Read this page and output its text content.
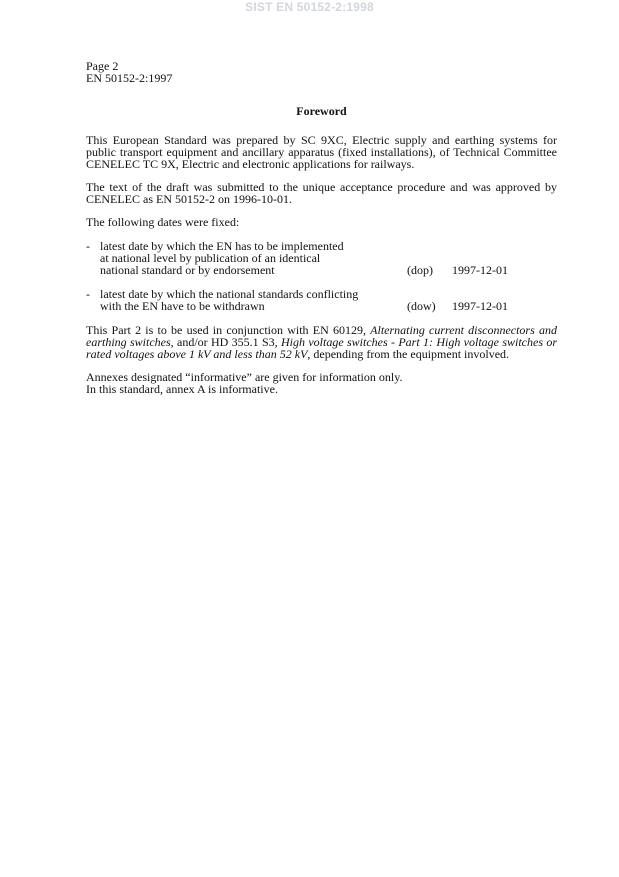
SIST EN 50152-2:1998
Page 2
EN 50152-2:1997
Foreword

This European Standard was prepared by SC 9XC, Electric supply and earthing systems for public transport equipment and ancillary apparatus (fixed installations), of Technical Committee CENELEC TC 9X, Electric and electronic applications for railways.

The text of the draft was submitted to the unique acceptance procedure and was approved by CENELEC as EN 50152-2 on 1996-10-01.

The following dates were fixed:

- latest date by which the EN has to be implemented
at national level by publication of an identical
national standard or by endorsement	(dop) 1997-12-01
- latest date by which the national standards conflicting
with the EN have to be withdrawn	(dow) 1997-12-01

This Part 2 is to be used in conjunction with EN 60129, Alternating current disconnectors and earthing switches, and/or HD 355.1 S3, High voltage switches - Part 1: High voltage switches or rated voltages above 1 kV and less than 52 kV, depending from the equipment involved.

Annexes designated “informative” are given for information only.
In this standard, annex A is informative.
